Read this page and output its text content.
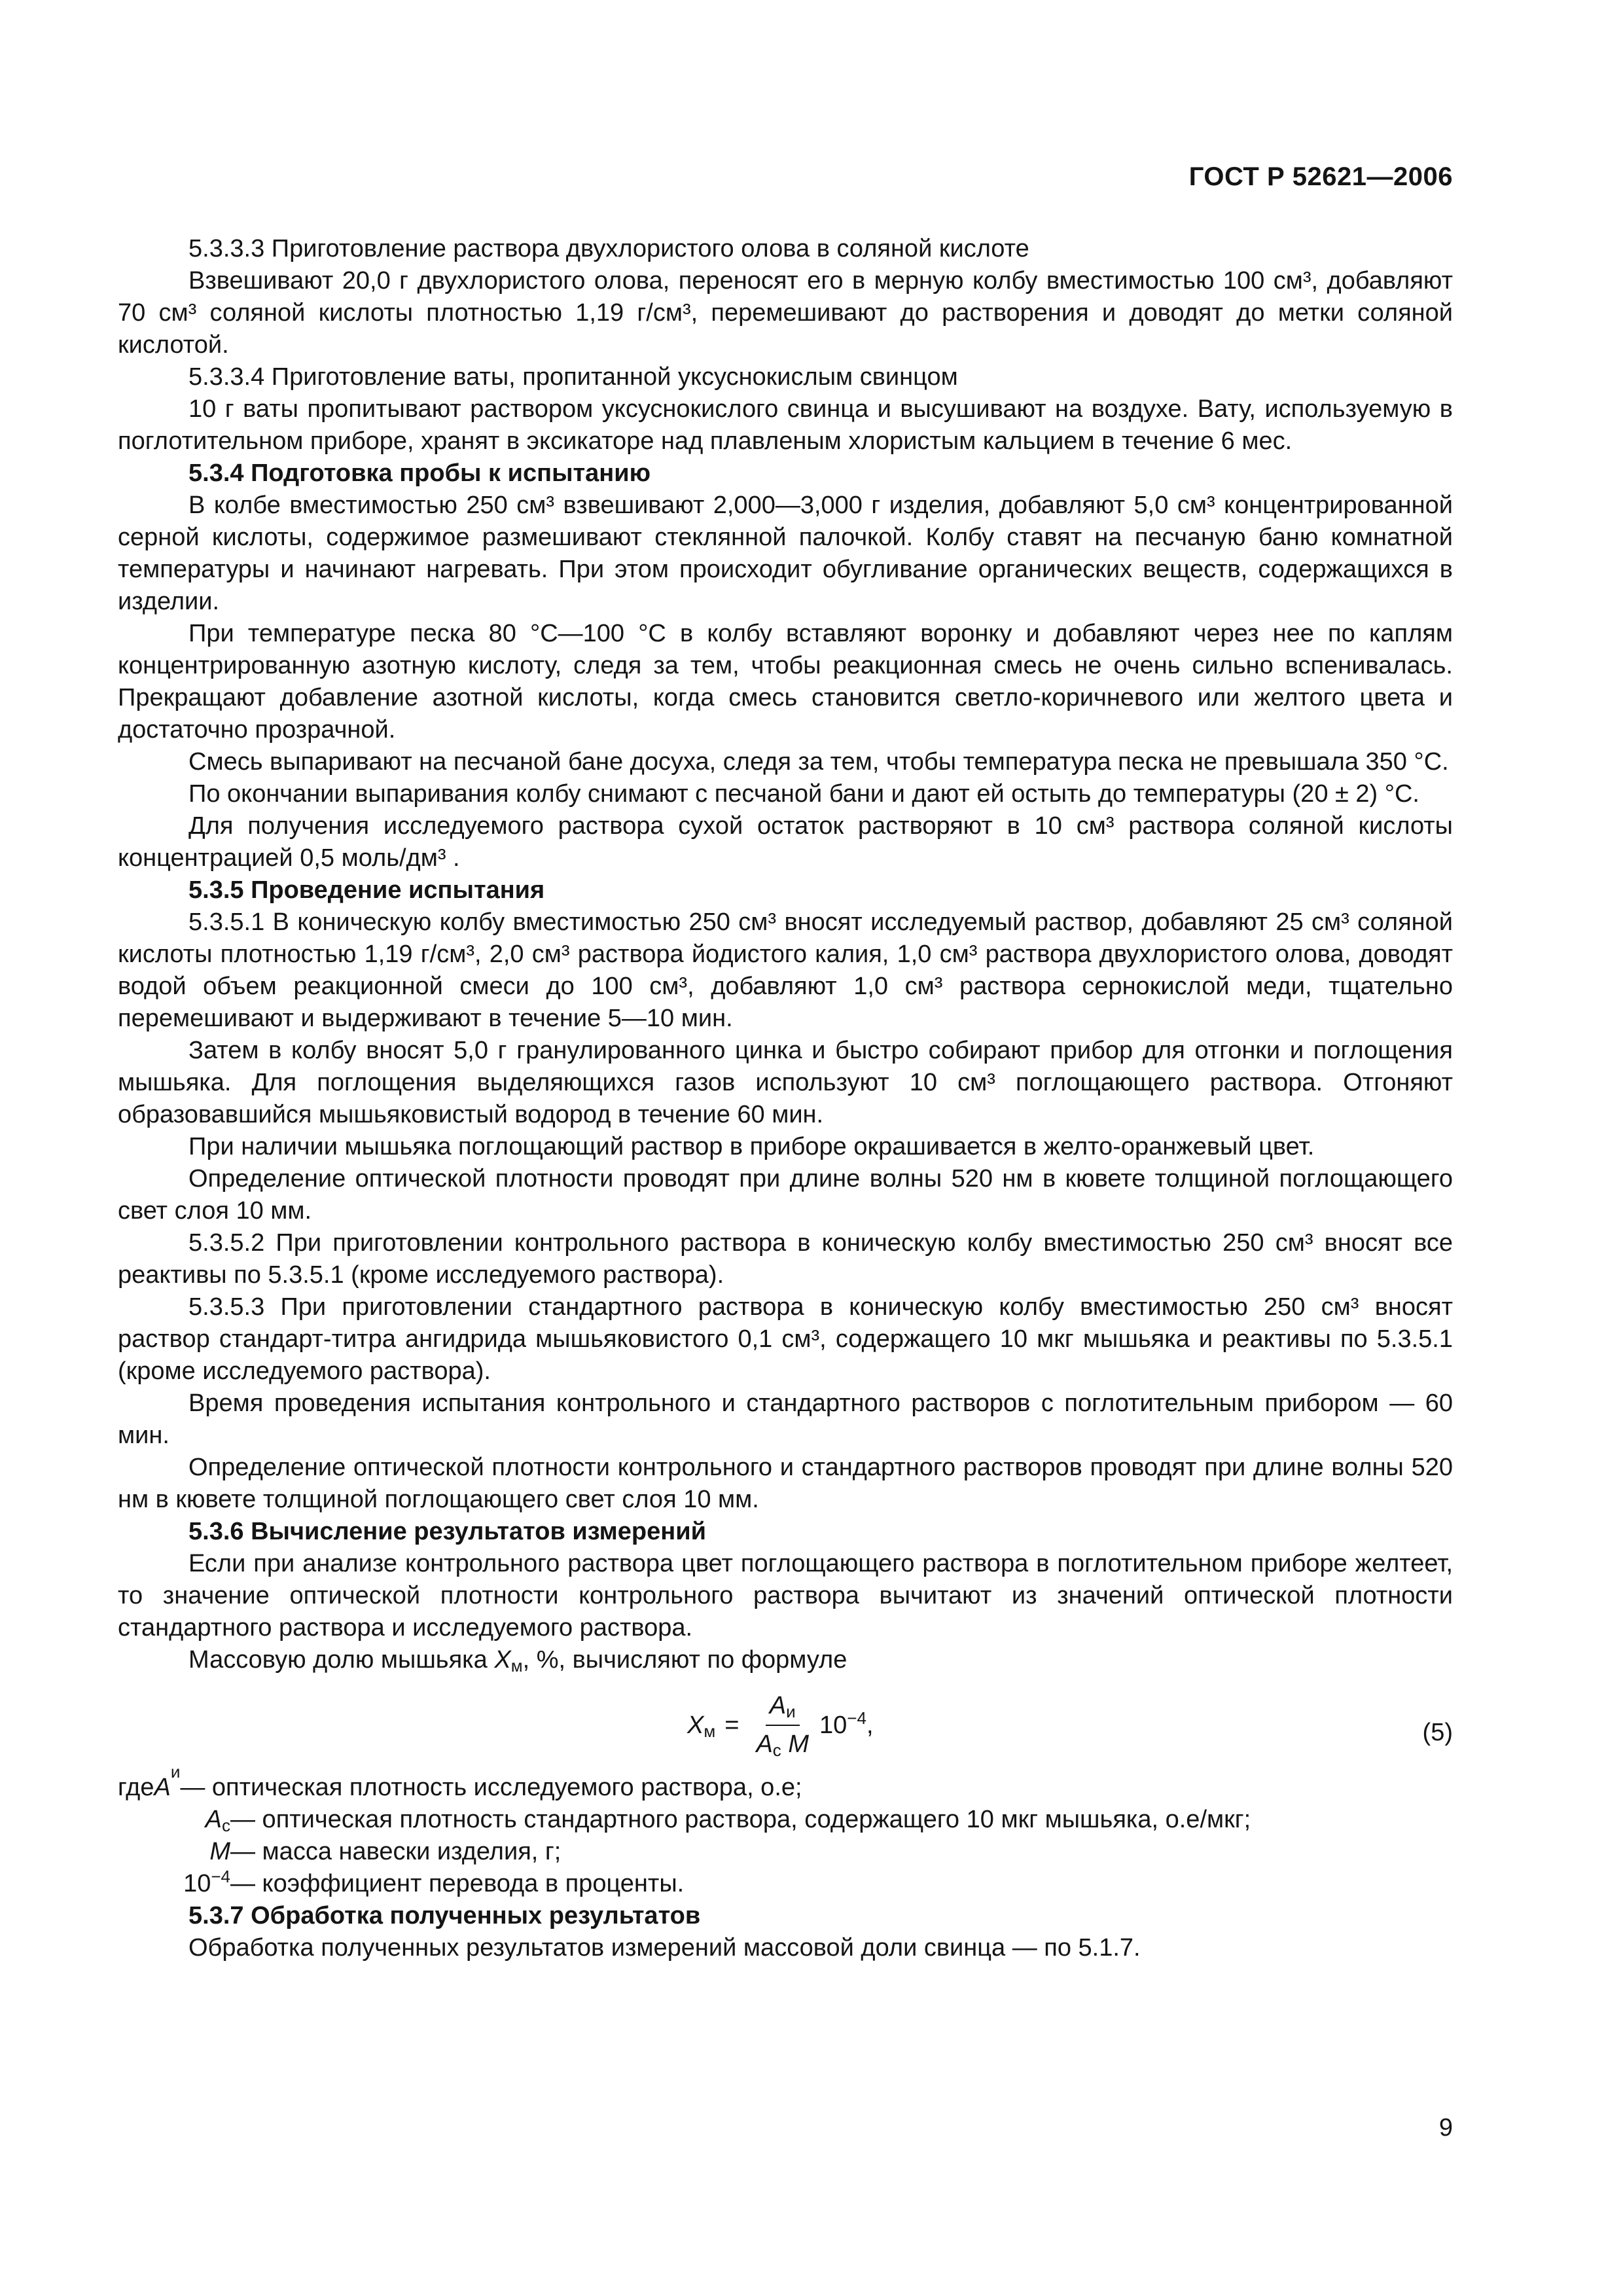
ГОСТ Р 52621—2006

5.3.3.3 Приготовление раствора двухлористого олова в соляной кислоте

Взвешивают 20,0 г двухлористого олова, переносят его в мерную колбу вместимостью 100 см³, добавляют 70 см³ соляной кислоты плотностью 1,19 г/см³, перемешивают до растворения и доводят до метки соляной кислотой.

5.3.3.4 Приготовление ваты, пропитанной уксуснокислым свинцом

10 г ваты пропитывают раствором уксуснокислого свинца и высушивают на воздухе. Вату, используемую в поглотительном приборе, хранят в эксикаторе над плавленым хлористым кальцием в течение 6 мес.

5.3.4 Подготовка пробы к испытанию

В колбе вместимостью 250 см³ взвешивают 2,000—3,000 г изделия, добавляют 5,0 см³ концентрированной серной кислоты, содержимое размешивают стеклянной палочкой. Колбу ставят на песчаную баню комнатной температуры и начинают нагревать. При этом происходит обугливание органических веществ, содержащихся в изделии.

При температуре песка 80 °С—100 °С в колбу вставляют воронку и добавляют через нее по каплям концентрированную азотную кислоту, следя за тем, чтобы реакционная смесь не очень сильно вспенивалась. Прекращают добавление азотной кислоты, когда смесь становится светло-коричневого или желтого цвета и достаточно прозрачной.

Смесь выпаривают на песчаной бане досуха, следя за тем, чтобы температура песка не превышала 350 °С.

По окончании выпаривания колбу снимают с песчаной бани и дают ей остыть до температуры (20 ± 2) °С.

Для получения исследуемого раствора сухой остаток растворяют в 10 см³ раствора соляной кислоты концентрацией 0,5 моль/дм³ .

5.3.5 Проведение испытания

5.3.5.1 В коническую колбу вместимостью 250 см³ вносят исследуемый раствор, добавляют 25 см³ соляной кислоты плотностью 1,19 г/см³, 2,0 см³ раствора йодистого калия, 1,0 см³ раствора двухлористого олова, доводят водой объем реакционной смеси до 100 см³, добавляют 1,0 см³ раствора сернокислой меди, тщательно перемешивают и выдерживают в течение 5—10 мин.

Затем в колбу вносят 5,0 г гранулированного цинка и быстро собирают прибор для отгонки и поглощения мышьяка. Для поглощения выделяющихся газов используют 10 см³ поглощающего раствора. Отгоняют образовавшийся мышьяковистый водород в течение 60 мин.

При наличии мышьяка поглощающий раствор в приборе окрашивается в желто-оранжевый цвет.

Определение оптической плотности проводят при длине волны 520 нм в кювете толщиной поглощающего свет слоя 10 мм.

5.3.5.2 При приготовлении контрольного раствора в коническую колбу вместимостью 250 см³ вносят все реактивы по 5.3.5.1 (кроме исследуемого раствора).

5.3.5.3 При приготовлении стандартного раствора в коническую колбу вместимостью 250 см³ вносят раствор стандарт-титра ангидрида мышьяковистого 0,1 см³, содержащего 10 мкг мышьяка и реактивы по 5.3.5.1 (кроме исследуемого раствора).

Время проведения испытания контрольного и стандартного растворов с поглотительным прибором — 60 мин.

Определение оптической плотности контрольного и стандартного растворов проводят при длине волны 520 нм в кювете толщиной поглощающего свет слоя 10 мм.

5.3.6 Вычисление результатов измерений

Если при анализе контрольного раствора цвет поглощающего раствора в поглотительном приборе желтеет, то значение оптической плотности контрольного раствора вычитают из значений оптической плотности стандартного раствора и исследуемого раствора.

Массовую долю мышьяка $X_м$, %, вычисляют по формуле

$X_м = \frac{A_и}{A_с M} 10^{-4}$,	(5)
где A
и
— оптическая плотность исследуемого раствора, о.е;
$A_с$ — оптическая плотность стандартного раствора, содержащего 10 мкг мышьяка, о.е/мкг;
M — масса навески изделия, г;
$10^{-4}$ — коэффициент перевода в проценты.

5.3.7 Обработка полученных результатов

Обработка полученных результатов измерений массовой доли свинца — по 5.1.7.

9
